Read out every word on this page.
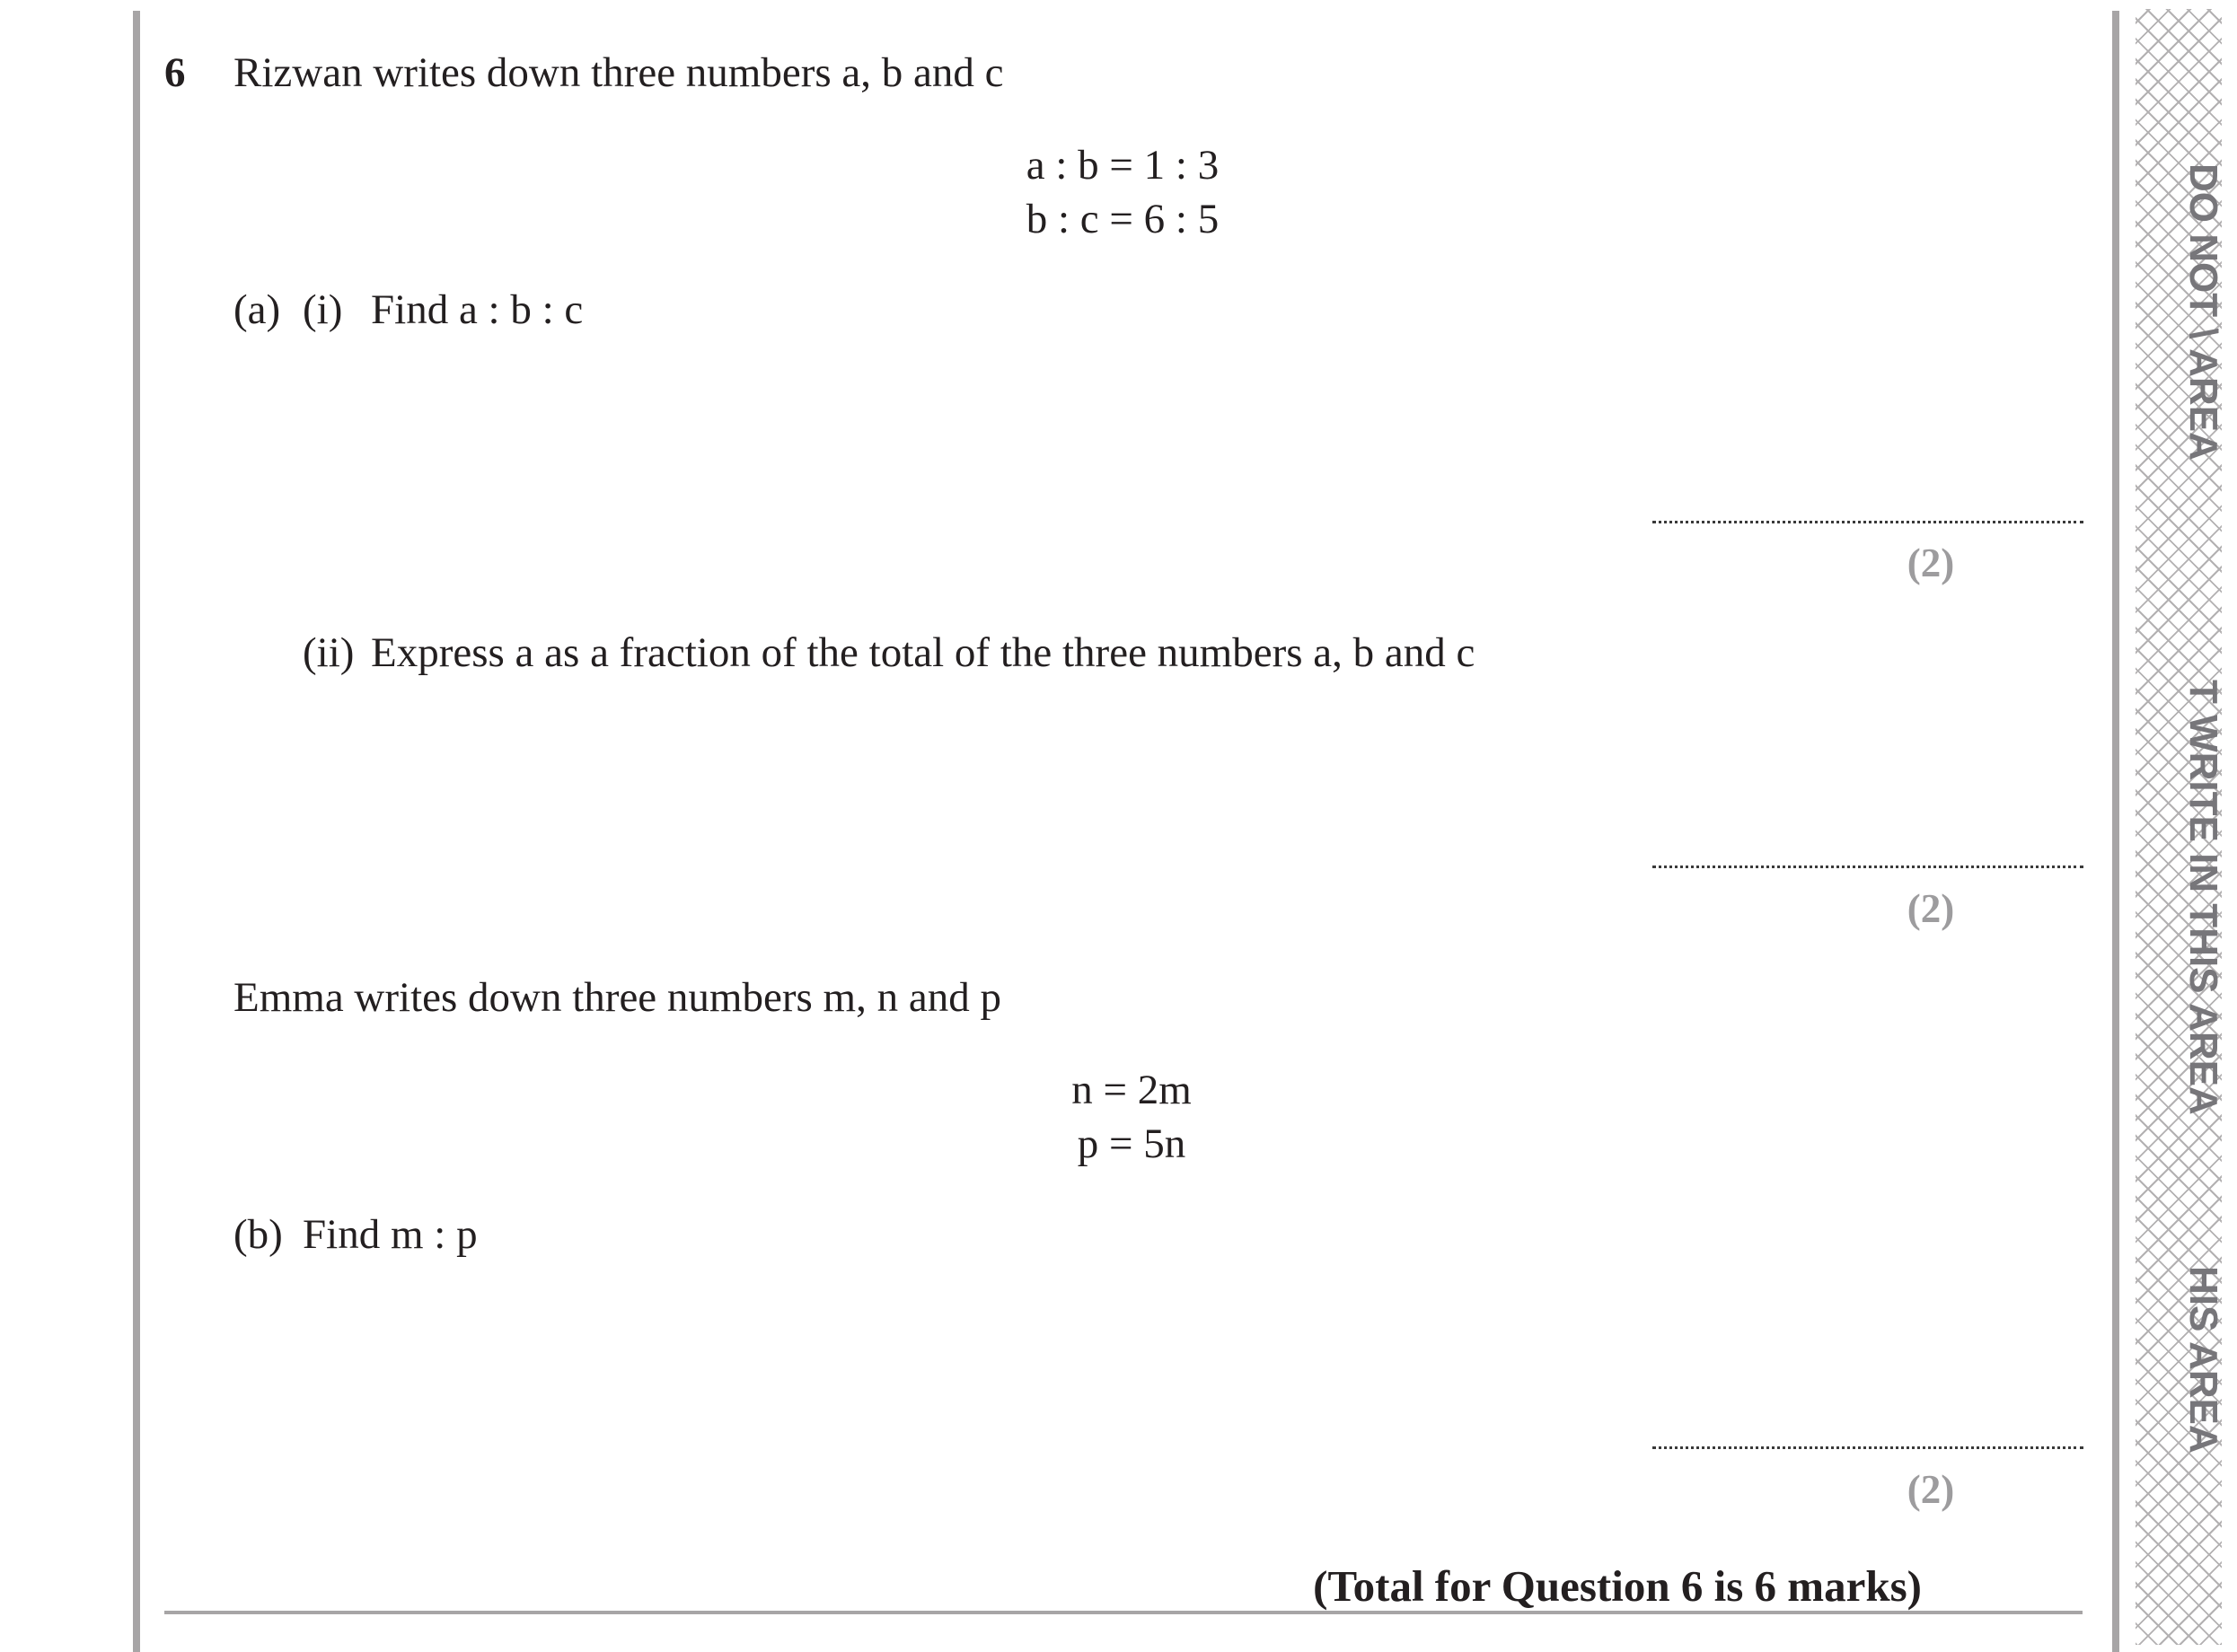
DO NOT \ AREA
T WRITE IN THIS AREA
HIS AREA
6 Rizwan writes down three numbers a, b and c
a : b = 1 : 3
b : c = 6 : 5
(a) (i) Find a : b : c
(2)
(ii) Express a as a fraction of the total of the three numbers a, b and c
(2)
Emma writes down three numbers m, n and p
n = 2m
p = 5n
(b) Find m : p
(2)
(Total for Question 6 is 6 marks)
